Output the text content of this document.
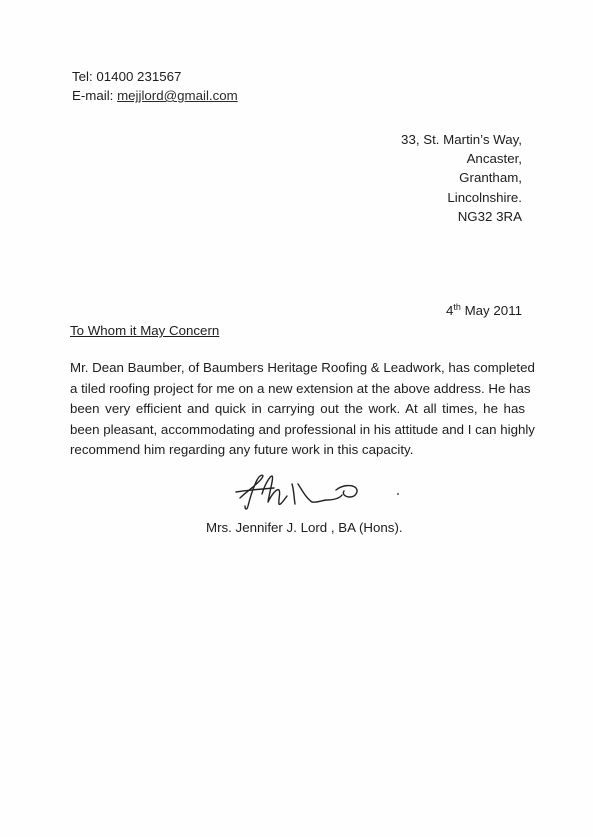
Tel: 01400 231567
E-mail: mejjlord@gmail.com
33, St. Martin’s Way,
Ancaster,
Grantham,
Lincolnshire.
NG32 3RA
4th May 2011
To Whom it May Concern
Mr. Dean Baumber, of Baumbers Heritage Roofing & Leadwork, has completed
a tiled roofing project for me on a new extension at the above address. He has
been very efficient and quick in carrying out the work. At all times, he has
been pleasant, accommodating and professional in his attitude and I can highly
recommend him regarding any future work in this capacity.
Mrs. Jennifer J. Lord , BA (Hons).
